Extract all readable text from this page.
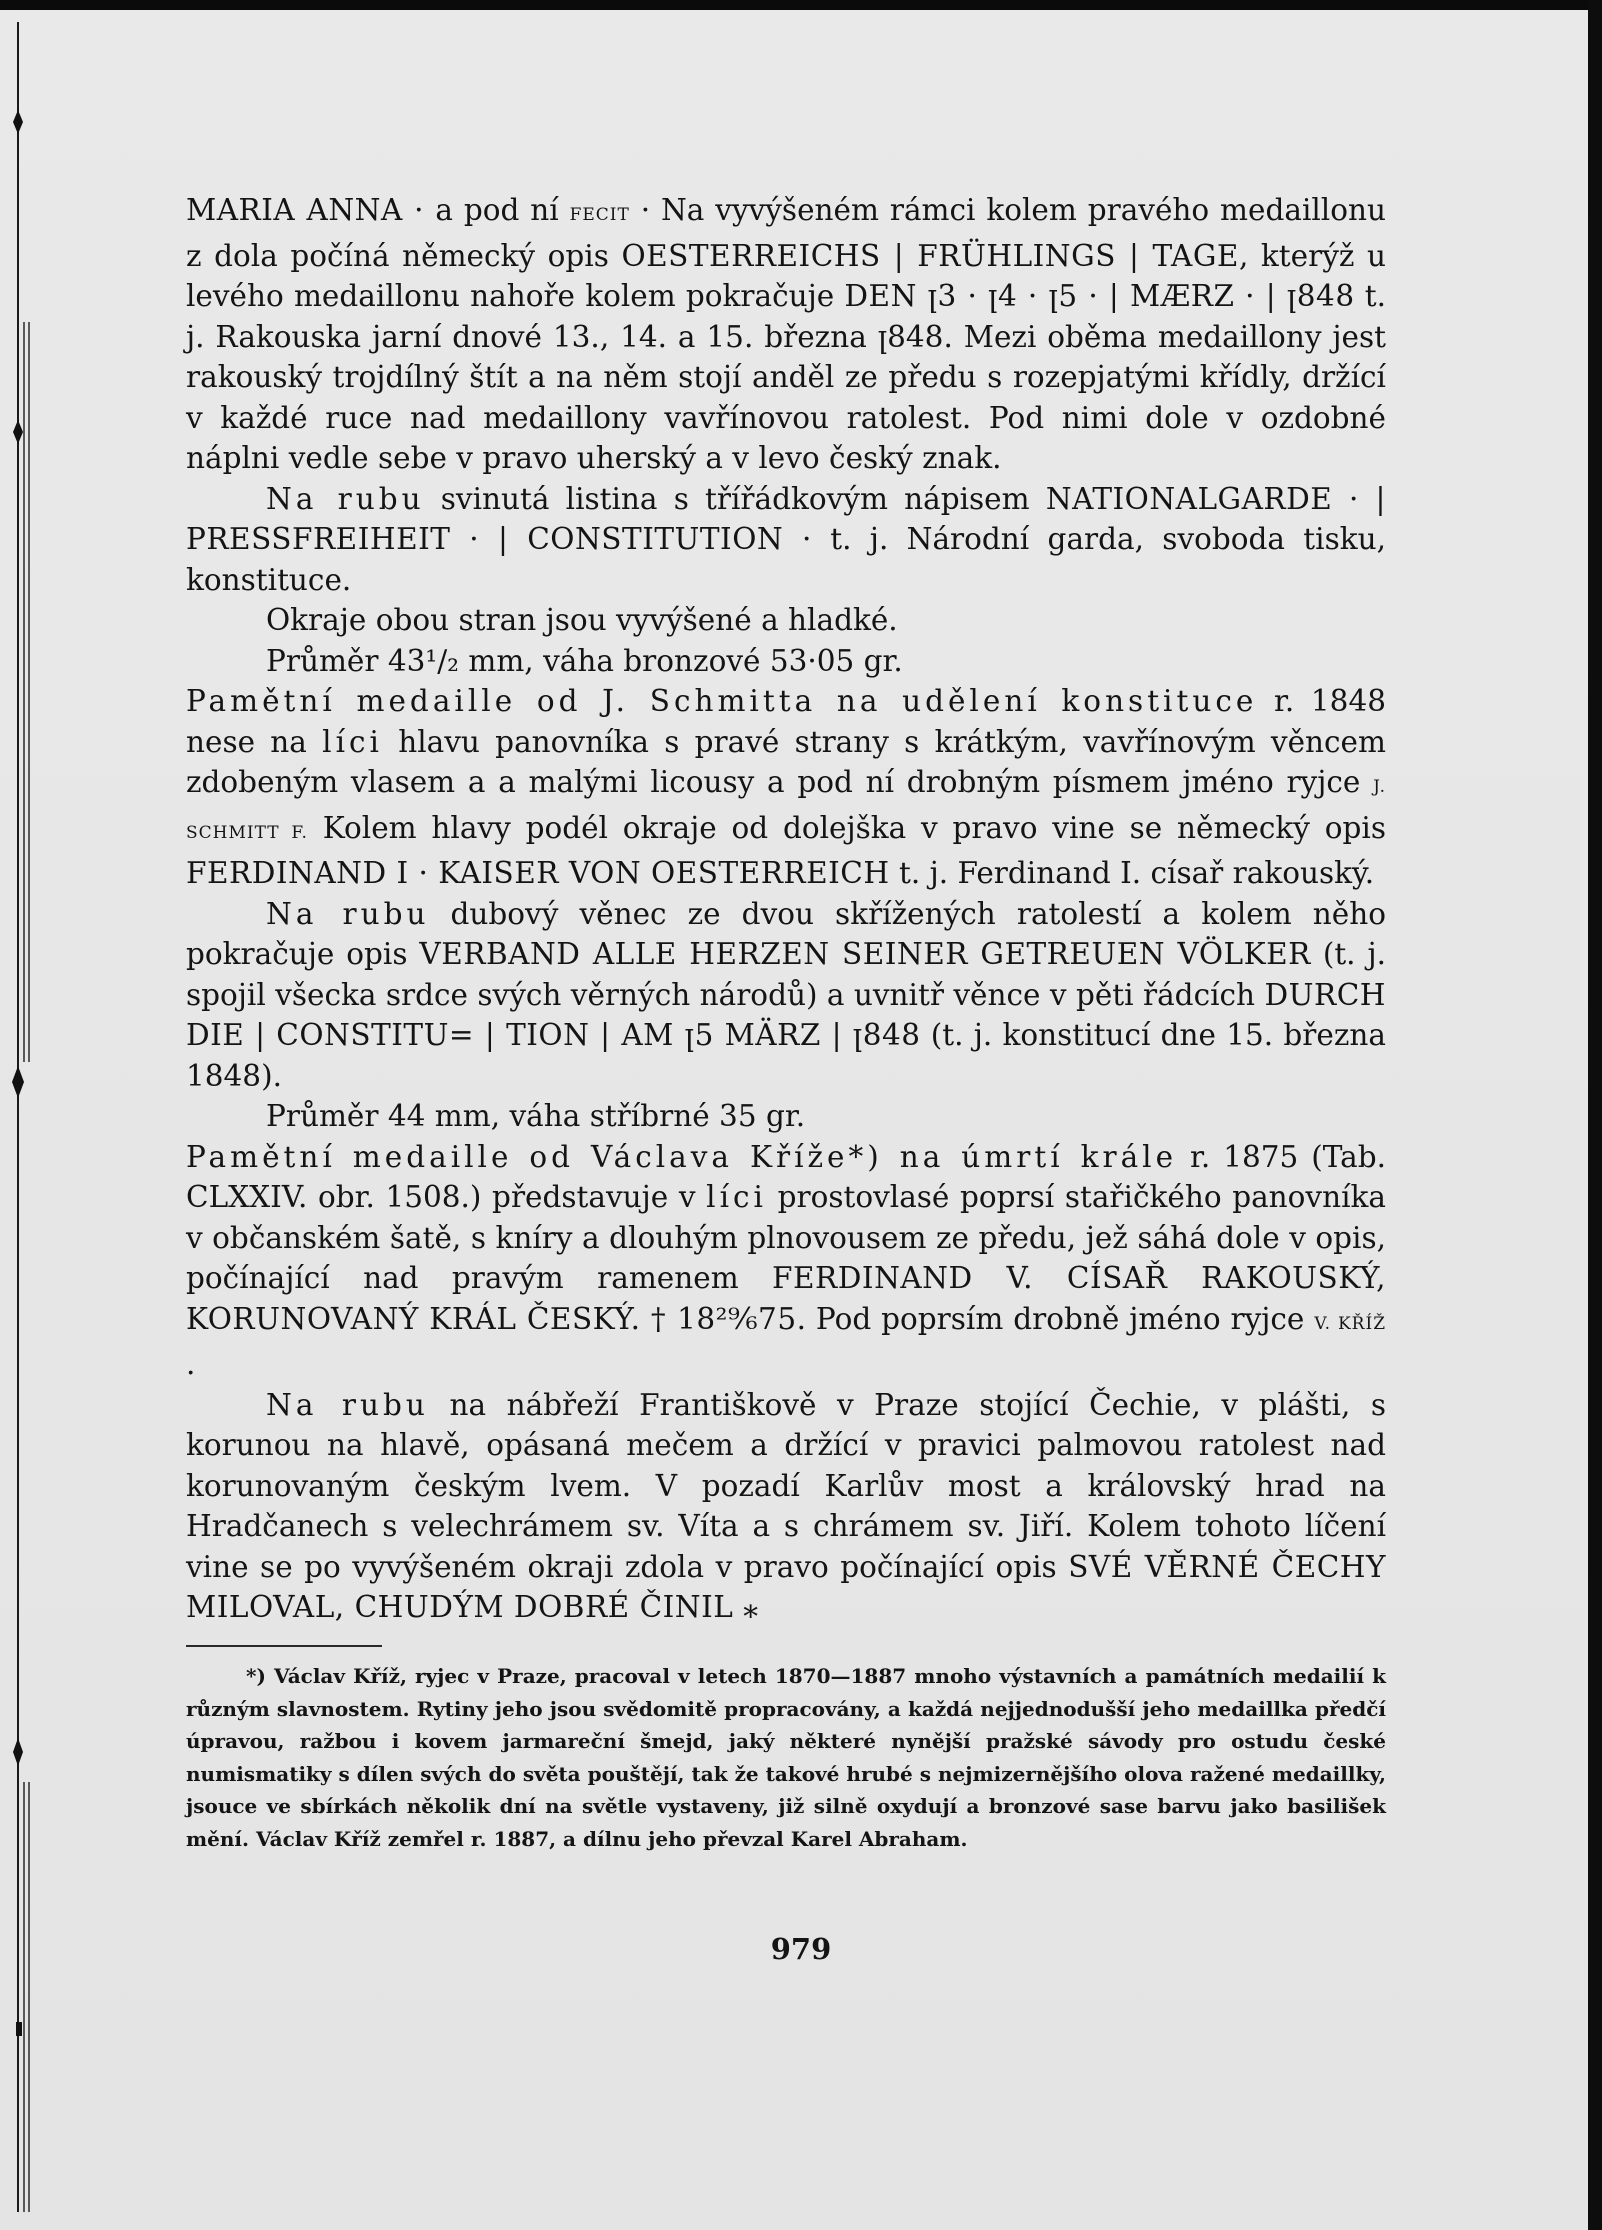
MARIA ANNA · a pod ní FECIT · Na vyvýšeném rámci kolem pravého medaillonu z dola počíná německý opis OESTERREICHS | FRÜHLINGS | TAGE, kterýž u levého medaillonu nahoře kolem pokračuje DEN ꞁ3 · ꞁ4 · ꞁ5 · | MÆRZ · | ꞁ848 t. j. Rakouska jarní dnové 13., 14. a 15. března ꞁ848. Mezi oběma medaillony jest rakouský trojdílný štít a na něm stojí anděl ze předu s rozepjatými křídly, držící v každé ruce nad medaillony vavřínovou ratolest. Pod nimi dole v ozdobné náplni vedle sebe v pravo uherský a v levo český znak.

Na rubu svinutá listina s třířádkovým nápisem NATIONALGARDE · | PRESSFREIHEIT · | CONSTITUTION · t. j. Národní garda, svoboda tisku, konstituce.

Okraje obou stran jsou vyvýšené a hladké.

Průměr 43¹/₂ mm, váha bronzové 53·05 gr.

Pamětní medaille od J. Schmitta na udělení konstituce r. 1848 nese na líci hlavu panovníka s pravé strany s krátkým, vavřínovým věncem zdobeným vlasem a a malými licousy a pod ní drobným písmem jméno ryjce J. SCHMITT F. Kolem hlavy podél okraje od dolejška v pravo vine se německý opis FERDINAND I · KAISER VON OESTERREICH t. j. Ferdinand I. císař rakouský.

Na rubu dubový věnec ze dvou skřížených ratolestí a kolem něho pokračuje opis VERBAND ALLE HERZEN SEINER GETREUEN VÖLKER (t. j. spojil všecka srdce svých věrných národů) a uvnitř věnce v pěti řádcích DURCH DIE | CONSTITU= | TION | AM ꞁ5 MÄRZ | ꞁ848 (t. j. konstitucí dne 15. března 1848).

Průměr 44 mm, váha stříbrné 35 gr.

Pamětní medaille od Václava Kříže*) na úmrtí krále r. 1875 (Tab. CLXXIV. obr. 1508.) představuje v líci prostovlasé poprsí stařičkého panovníka v občanském šatě, s kníry a dlouhým plnovousem ze předu, jež sáhá dole v opis, počínající nad pravým ramenem FERDINAND V. CÍSAŘ RAKOUSKÝ, KORUNOVANÝ KRÁL ČESKÝ. † 18²⁹⁄₆75. Pod poprsím drobně jméno ryjce V. KŘÍŽ .

Na rubu na nábřeží Františkově v Praze stojící Čechie, v plášti, s korunou na hlavě, opásaná mečem a držící v pravici palmovou ratolest nad korunovaným českým lvem. V pozadí Karlův most a královský hrad na Hradčanech s velechrámem sv. Víta a s chrámem sv. Jiří. Kolem tohoto líčení vine se po vyvýšeném okraji zdola v pravo počínající opis SVÉ VĚRNÉ ČECHY MILOVAL, CHUDÝM DOBRÉ ČINIL ⁎

*) Václav Kříž, ryjec v Praze, pracoval v letech 1870—1887 mnoho výstavních a památních medailií k různým slavnostem. Rytiny jeho jsou svědomitě propracovány, a každá nejjednodušší jeho medaillka předčí úpravou, ražbou i kovem jarmareční šmejd, jaký některé nynější pražské sávody pro ostudu české numismatiky s dílen svých do světa pouštějí, tak že takové hrubé s nejmizernějšího olova ražené medaillky, jsouce ve sbírkách několik dní na světle vystaveny, již silně oxydují a bronzové sase barvu jako basilišek mění. Václav Kříž zemřel r. 1887, a dílnu jeho převzal Karel Abraham.

979
